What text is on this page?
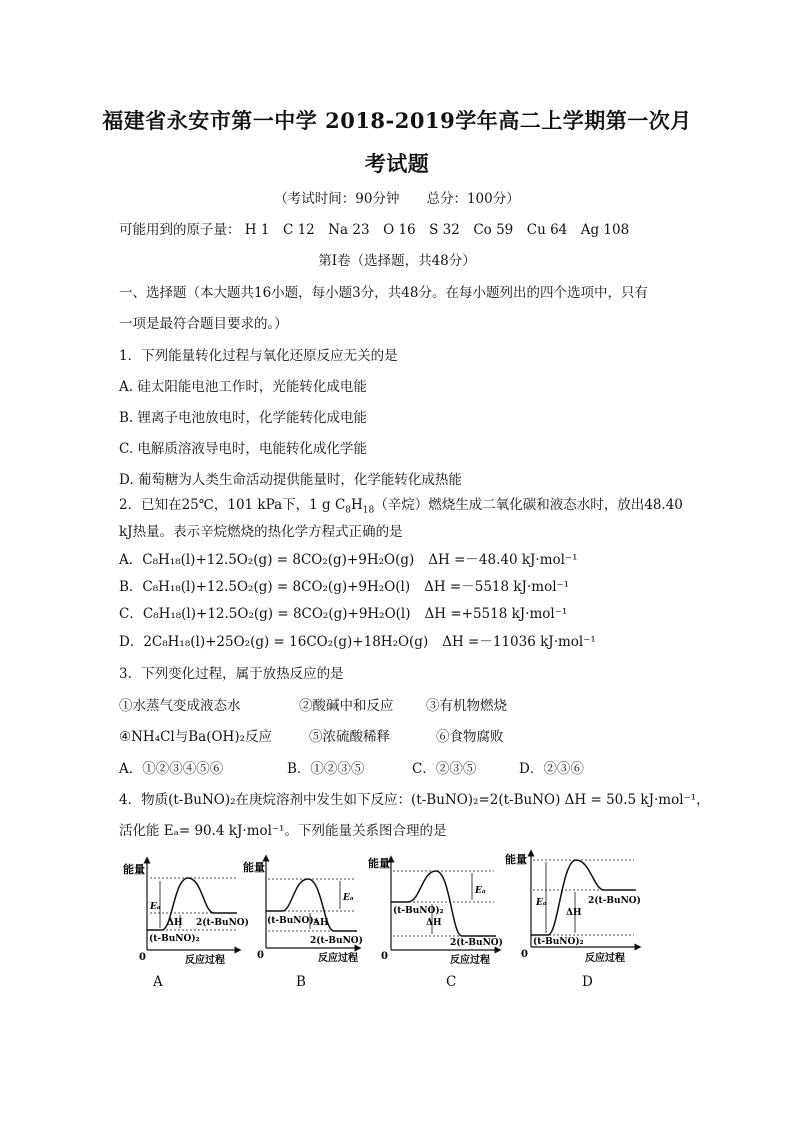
福建省永安市第一中学 2018-2019学年高二上学期第一次月
考试题
（考试时间：90分钟　　总分：100分）
可能用到的原子量： H 1　C 12　Na 23　O 16　S 32　Co 59　Cu 64　Ag 108
第Ⅰ卷（选择题，共48分）
一、选择题（本大题共16小题，每小题3分，共48分。在每小题列出的四个选项中，只有
一项是最符合题目要求的。）
1．下列能量转化过程与氧化还原反应无关的是
A. 硅太阳能电池工作时，光能转化成电能
B. 锂离子电池放电时，化学能转化成电能
C. 电解质溶液导电时，电能转化成化学能
D. 葡萄糖为人类生命活动提供能量时，化学能转化成热能
2．已知在25℃，101 kPa下，1 g $C_8H_{18}$（辛烷）燃烧生成二氧化碳和液态水时，放出48.40
kJ热量。表示辛烷燃烧的热化学方程式正确的是
A．C₈H₁₈(l)+12.5O₂(g) = 8CO₂(g)+9H₂O(g) ΔH =－48.40 kJ·mol⁻¹
B．C₈H₁₈(l)+12.5O₂(g) = 8CO₂(g)+9H₂O(l) ΔH =－5518 kJ·mol⁻¹
C．C₈H₁₈(l)+12.5O₂(g) = 8CO₂(g)+9H₂O(l) ΔH =+5518 kJ·mol⁻¹
D．2C₈H₁₈(l)+25O₂(g) = 16CO₂(g)+18H₂O(g) ΔH =－11036 kJ·mol⁻¹
3．下列变化过程，属于放热反应的是
①水蒸气变成液态水	②酸碱中和反应 ③有机物燃烧
④NH₄Cl与Ba(OH)₂反应	⑤浓硫酸稀释	⑥食物腐败
A．①②③④⑤⑥	B．①②③⑤	C．②③⑤	D．②③⑥
4．物质(t-BuNO)₂在庚烷溶剂中发生如下反应：(t-BuNO)₂=2(t-BuNO) ΔH = 50.5 kJ·mol⁻¹，
活化能 Eₐ= 90.4 kJ·mol⁻¹。下列能量关系图合理的是
能量
0	反应过程
Eₐ
ΔH 2(t-BuNO)
(t-BuNO)₂
能量
0	反应过程
Eₐ
ΔH
(t-BuNO)₂
2(t-BuNO)
能量
0	反应过程
Eₐ
ΔH
(t-BuNO)₂
2(t-BuNO)
能量
0	反应过程
Eₐ
ΔH
2(t-BuNO)
(t-BuNO)₂
A	B	C	D
